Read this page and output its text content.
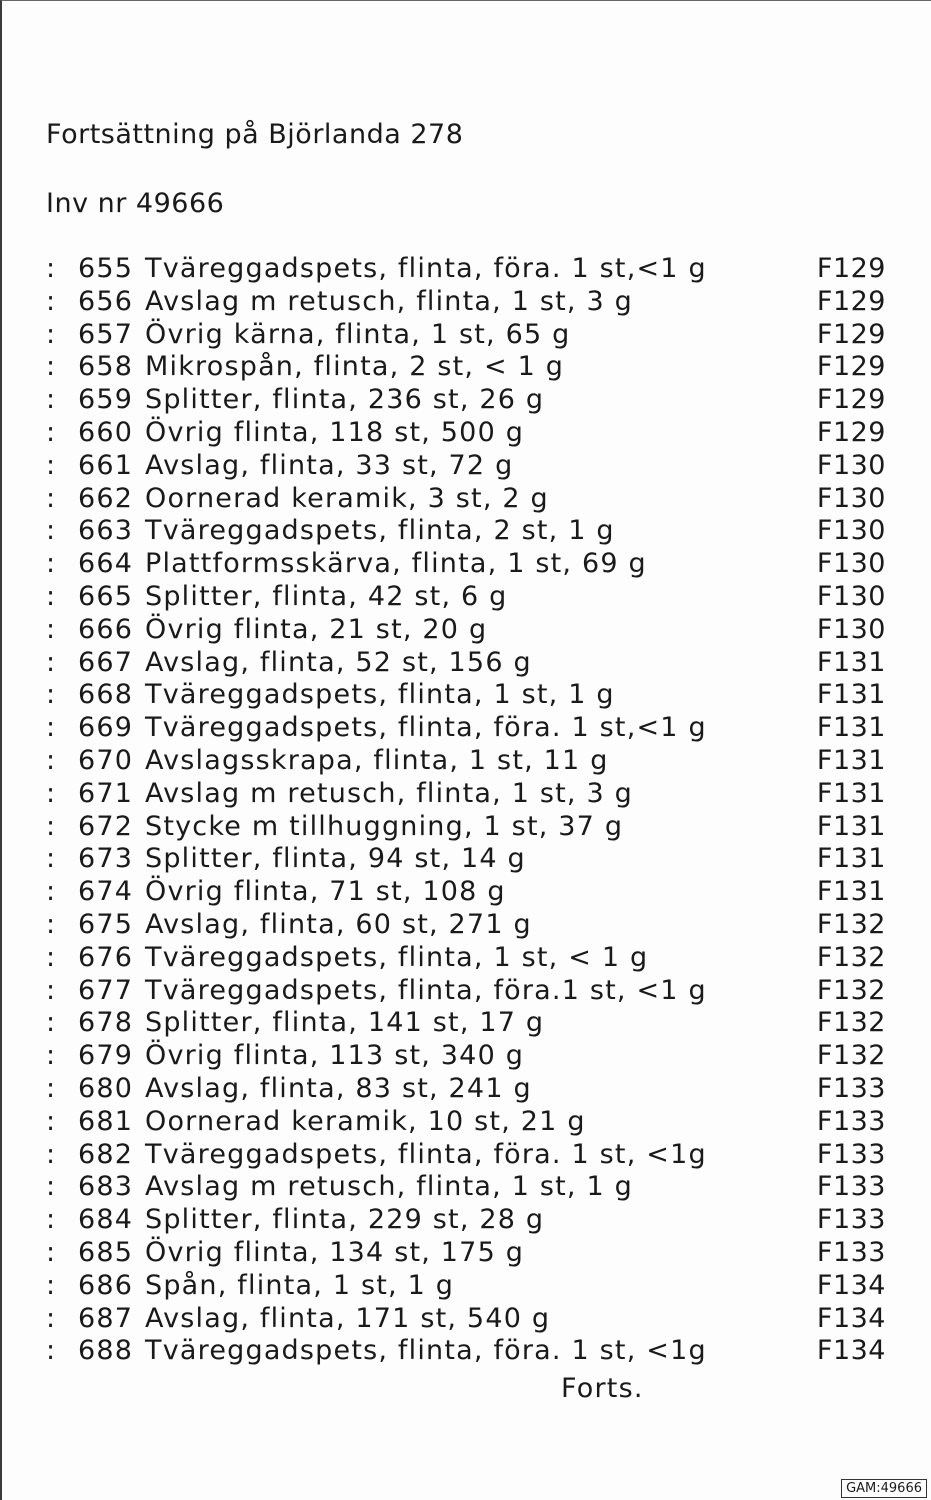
Fortsättning på Björlanda 278
Inv nr 49666
: 655 Tväreggadspets, flinta, föra. 1 st,<1 g	F129
: 656 Avslag m retusch, flinta, 1 st, 3 g	F129
: 657 Övrig kärna, flinta, 1 st, 65 g	F129
: 658 Mikrospån, flinta, 2 st, < 1 g	F129
: 659 Splitter, flinta, 236 st, 26 g	F129
: 660 Övrig flinta, 118 st, 500 g	F129
: 661 Avslag, flinta, 33 st, 72 g	F130
: 662 Oornerad keramik, 3 st, 2 g	F130
: 663 Tväreggadspets, flinta, 2 st, 1 g	F130
: 664 Plattformsskärva, flinta, 1 st, 69 g	F130
: 665 Splitter, flinta, 42 st, 6 g	F130
: 666 Övrig flinta, 21 st, 20 g	F130
: 667 Avslag, flinta, 52 st, 156 g	F131
: 668 Tväreggadspets, flinta, 1 st, 1 g	F131
: 669 Tväreggadspets, flinta, föra. 1 st,<1 g	F131
: 670 Avslagsskrapa, flinta, 1 st, 11 g	F131
: 671 Avslag m retusch, flinta, 1 st, 3 g	F131
: 672 Stycke m tillhuggning, 1 st, 37 g	F131
: 673 Splitter, flinta, 94 st, 14 g	F131
: 674 Övrig flinta, 71 st, 108 g	F131
: 675 Avslag, flinta, 60 st, 271 g	F132
: 676 Tväreggadspets, flinta, 1 st, < 1 g	F132
: 677 Tväreggadspets, flinta, föra.1 st, <1 g	F132
: 678 Splitter, flinta, 141 st, 17 g	F132
: 679 Övrig flinta, 113 st, 340 g	F132
: 680 Avslag, flinta, 83 st, 241 g	F133
: 681 Oornerad keramik, 10 st, 21 g	F133
: 682 Tväreggadspets, flinta, föra. 1 st, <1g	F133
: 683 Avslag m retusch, flinta, 1 st, 1 g	F133
: 684 Splitter, flinta, 229 st, 28 g	F133
: 685 Övrig flinta, 134 st, 175 g	F133
: 686 Spån, flinta, 1 st, 1 g	F134
: 687 Avslag, flinta, 171 st, 540 g	F134
: 688 Tväreggadspets, flinta, föra. 1 st, <1g	F134
Forts.
GAM:49666
